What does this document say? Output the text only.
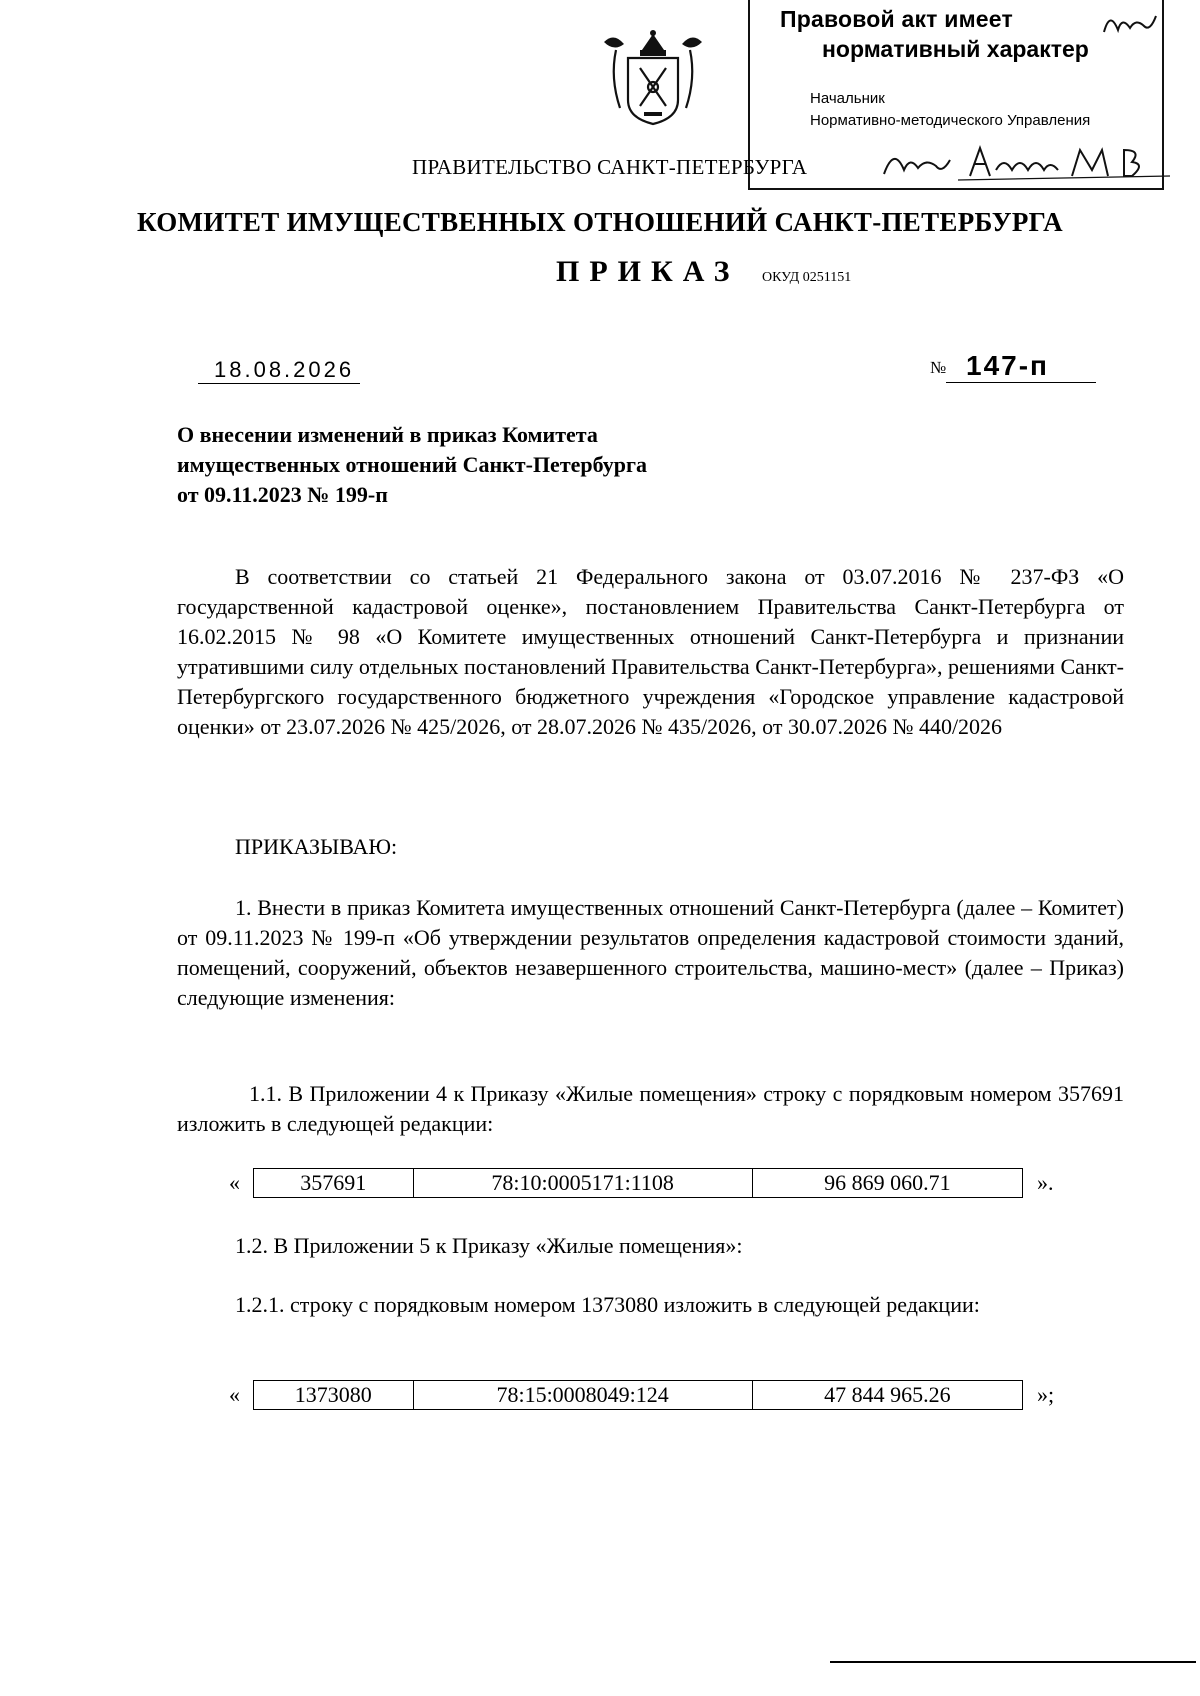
Правовой акт имеет
нормативный характер
Начальник
Нормативно-методического Управления
ПРАВИТЕЛЬСТВО САНКТ-ПЕТЕРБУРГА
КОМИТЕТ ИМУЩЕСТВЕННЫХ ОТНОШЕНИЙ САНКТ-ПЕТЕРБУРГА
ПРИКАЗ ОКУД 0251151
18.08.2026	№ 147-п
О внесении изменений в приказ Комитета
имущественных отношений Санкт-Петербурга
от 09.11.2023 № 199-п
В соответствии со статьей 21 Федерального закона от 03.07.2016 № 237-ФЗ «О государственной кадастровой оценке», постановлением Правительства Санкт-Петербурга от 16.02.2015 № 98 «О Комитете имущественных отношений Санкт-Петербурга и признании утратившими силу отдельных постановлений Правительства Санкт-Петербурга», решениями Санкт-Петербургского государственного бюджетного учреждения «Городское управление кадастровой оценки» от 23.07.2026 № 425/2026, от 28.07.2026 № 435/2026, от 30.07.2026 № 440/2026
ПРИКАЗЫВАЮ:
1. Внести в приказ Комитета имущественных отношений Санкт-Петербурга (далее – Комитет) от 09.11.2023 № 199-п «Об утверждении результатов определения кадастровой стоимости зданий, помещений, сооружений, объектов незавершенного строительства, машино-мест» (далее – Приказ) следующие изменения:
1.1. В Приложении 4 к Приказу «Жилые помещения» строку с порядковым номером 357691 изложить в следующей редакции:
«	357691	78:10:0005171:1108	96 869 060.71	».
1.2. В Приложении 5 к Приказу «Жилые помещения»:
1.2.1. строку с порядковым номером 1373080 изложить в следующей редакции:
«	1373080	78:15:0008049:124	47 844 965.26	»;
